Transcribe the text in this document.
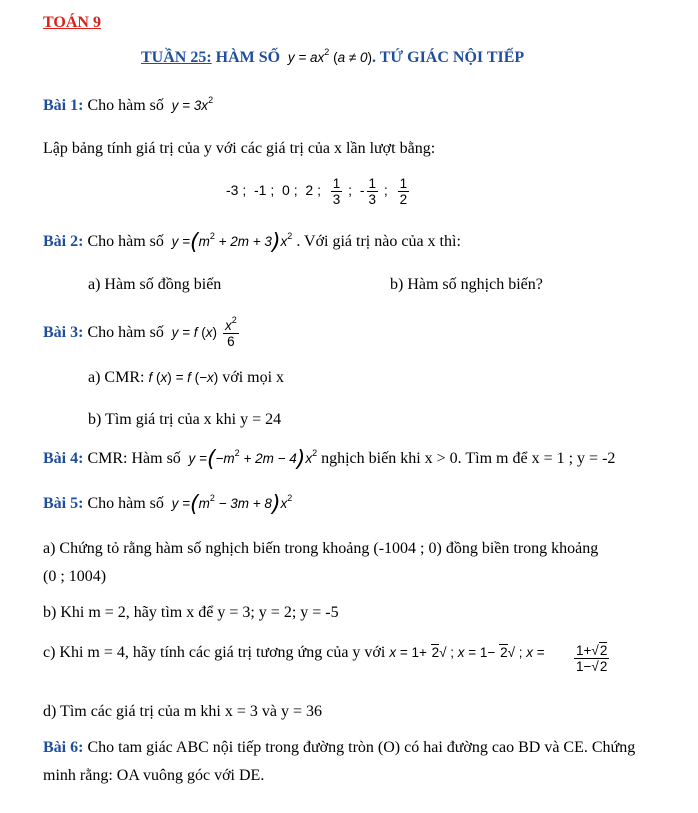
TOÁN 9
TUẦN 25: HÀM SỐ  $y = ax^2$ (a ≠ 0). TỨ GIÁC NỘI TIẾP
Bài 1: Cho hàm số  $y = 3x^2$
Lập bảng tính giá trị của y với các giá trị của x lần lượt bằng:
-3 ;  -1 ;  0 ;  2 ; $\frac{1}{3}$ ;  - $\frac{1}{3}$ ; $\frac{1}{2}$
Bài 2: Cho hàm số  $y =(m^2 + 2m + 3)x^2$ . Với giá trị nào của x thì:
a) Hàm số đồng biến	b) Hàm số nghịch biến?
Bài 3: Cho hàm số  y = f $(x) \frac{x^2}{6}$
a) CMR: f (x) = f (−x) với mọi x
b) Tìm giá trị của x khi y = 24
Bài 4: CMR: Hàm số  $y =(-m^2 + 2m - 4)x^2$ nghịch biến khi x > 0. Tìm m để x = 1 ; y = -2
Bài 5: Cho hàm số  $y =(m^2 - 3m + 8)x^2$
a) Chứng tỏ rằng hàm số nghịch biến trong khoảng (-1004 ; 0) đồng biền trong khoảng
(0 ; 1004)
b) Khi m = 2, hãy tìm x để y = 3; y = 2; y = -5
c) Khi m = 4, hãy tính các giá trị tương ứng của y với x = 1+ 2√ ; x = 1− 2√ ; $x = \frac{1+√2}{1-√2}$
d) Tìm các giá trị của m khi x = 3 và y = 36
Bài 6: Cho tam giác ABC nội tiếp trong đường tròn (O) có hai đường cao BD và CE. Chứng
minh rằng: OA vuông góc với DE.
